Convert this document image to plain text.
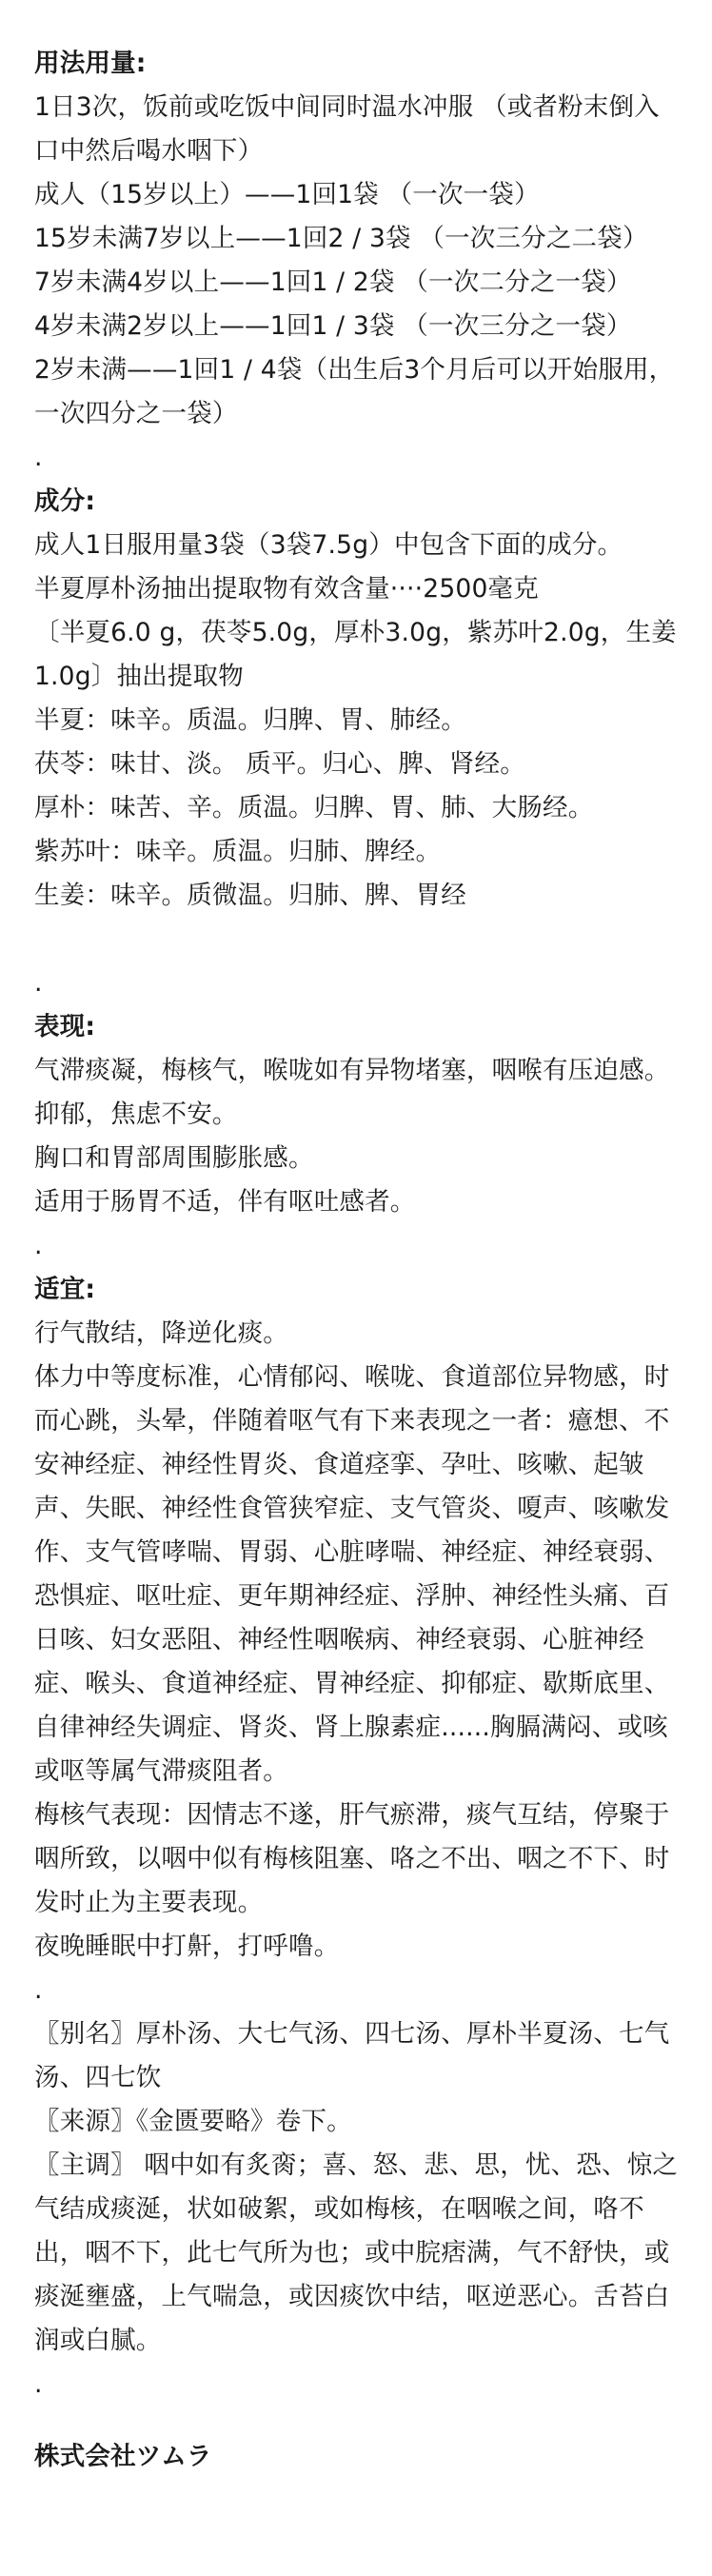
用法用量:
1日3次，饭前或吃饭中间同时温水冲服 （或者粉末倒入口中然后喝水咽下）
成人（15岁以上）——1回1袋 （一次一袋）
15岁未满7岁以上——1回2 / 3袋 （一次三分之二袋）
7岁未满4岁以上——1回1 / 2袋 （一次二分之一袋）
4岁未满2岁以上——1回1 / 3袋 （一次三分之一袋）
2岁未满——1回1 / 4袋（出生后3个月后可以开始服用，一次四分之一袋）
.
成分:
成人1日服用量3袋（3袋7.5g）中包含下面的成分。
半夏厚朴汤抽出提取物有效含量····2500毫克
〔半夏6.0 g，茯苓5.0g，厚朴3.0g，紫苏叶2.0g，生姜1.0g〕抽出提取物
半夏：味辛。质温。归脾、胃、肺经。
茯苓：味甘、淡。 质平。归心、脾、肾经。
厚朴：味苦、辛。质温。归脾、胃、肺、大肠经。
紫苏叶：味辛。质温。归肺、脾经。
生姜：味辛。质微温。归肺、脾、胃经
.
表现:
气滞痰凝，梅核气，喉咙如有异物堵塞，咽喉有压迫感。
抑郁，焦虑不安。
胸口和胃部周围膨胀感。
适用于肠胃不适，伴有呕吐感者。
.
适宜:
行气散结，降逆化痰。
体力中等度标准，心情郁闷、喉咙、食道部位异物感，时而心跳，头晕，伴随着呕气有下来表现之一者：癔想、不安神经症、神经性胃炎、食道痉挛、孕吐、咳嗽、起皱声、失眠、神经性食管狭窄症、支气管炎、嗄声、咳嗽发作、支气管哮喘、胃弱、心脏哮喘、神经症、神经衰弱、恐惧症、呕吐症、更年期神经症、浮肿、神经性头痛、百日咳、妇女恶阻、神经性咽喉病、神经衰弱、心脏神经症、喉头、食道神经症、胃神经症、抑郁症、歇斯底里、自律神经失调症、肾炎、肾上腺素症......胸膈满闷、或咳或呕等属气滞痰阻者。
梅核气表现：因情志不遂，肝气瘀滞，痰气互结，停聚于咽所致，以咽中似有梅核阻塞、咯之不出、咽之不下、时发时止为主要表现。
夜晚睡眠中打鼾，打呼噜。
.
〖别名〗厚朴汤、大七气汤、四七汤、厚朴半夏汤、七气汤、四七饮
〖来源〗《金匮要略》卷下。
〖主调〗 咽中如有炙脔；喜、怒、悲、思，忧、恐、惊之气结成痰涎，状如破絮，或如梅核，在咽喉之间，咯不出，咽不下，此七气所为也；或中脘痞满，气不舒快，或痰涎壅盛，上气喘急，或因痰饮中结，呕逆恶心。舌苔白润或白腻。
.
株式会社ツムラ
